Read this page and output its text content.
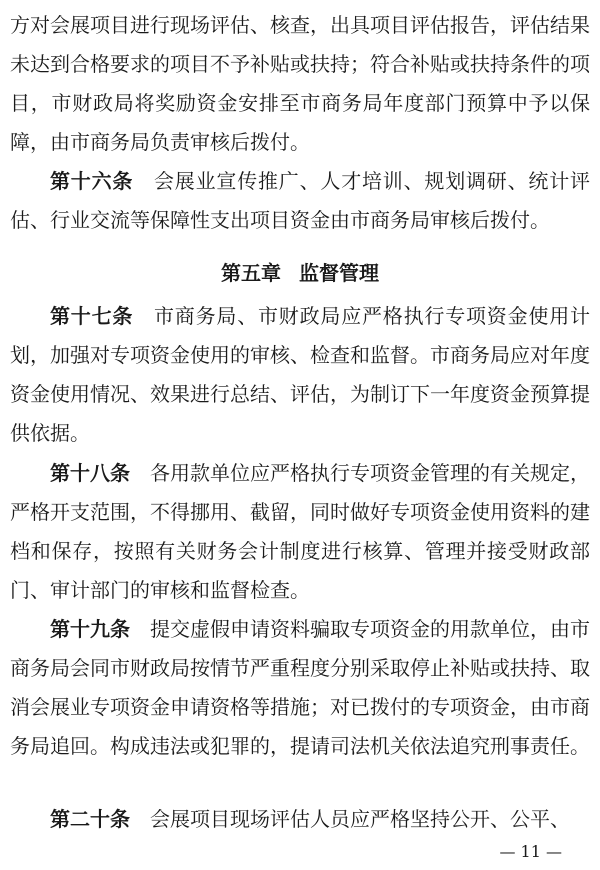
方对会展项目进行现场评估、核查，出具项目评估报告，评估结果未达到合格要求的项目不予补贴或扶持；符合补贴或扶持条件的项目，市财政局将奖励资金安排至市商务局年度部门预算中予以保障，由市商务局负责审核后拨付。

第十六条　会展业宣传推广、人才培训、规划调研、统计评估、行业交流等保障性支出项目资金由市商务局审核后拨付。

第五章 监督管理

第十七条　市商务局、市财政局应严格执行专项资金使用计划，加强对专项资金使用的审核、检查和监督。市商务局应对年度资金使用情况、效果进行总结、评估，为制订下一年度资金预算提供依据。

第十八条　各用款单位应严格执行专项资金管理的有关规定，严格开支范围，不得挪用、截留，同时做好专项资金使用资料的建档和保存，按照有关财务会计制度进行核算、管理并接受财政部门、审计部门的审核和监督检查。

第十九条　提交虚假申请资料骗取专项资金的用款单位，由市商务局会同市财政局按情节严重程度分别采取停止补贴或扶持、取消会展业专项资金申请资格等措施；对已拨付的专项资金，由市商务局追回。构成违法或犯罪的，提请司法机关依法追究刑事责任。

第二十条　会展项目现场评估人员应严格坚持公开、公平、

— 11 —
